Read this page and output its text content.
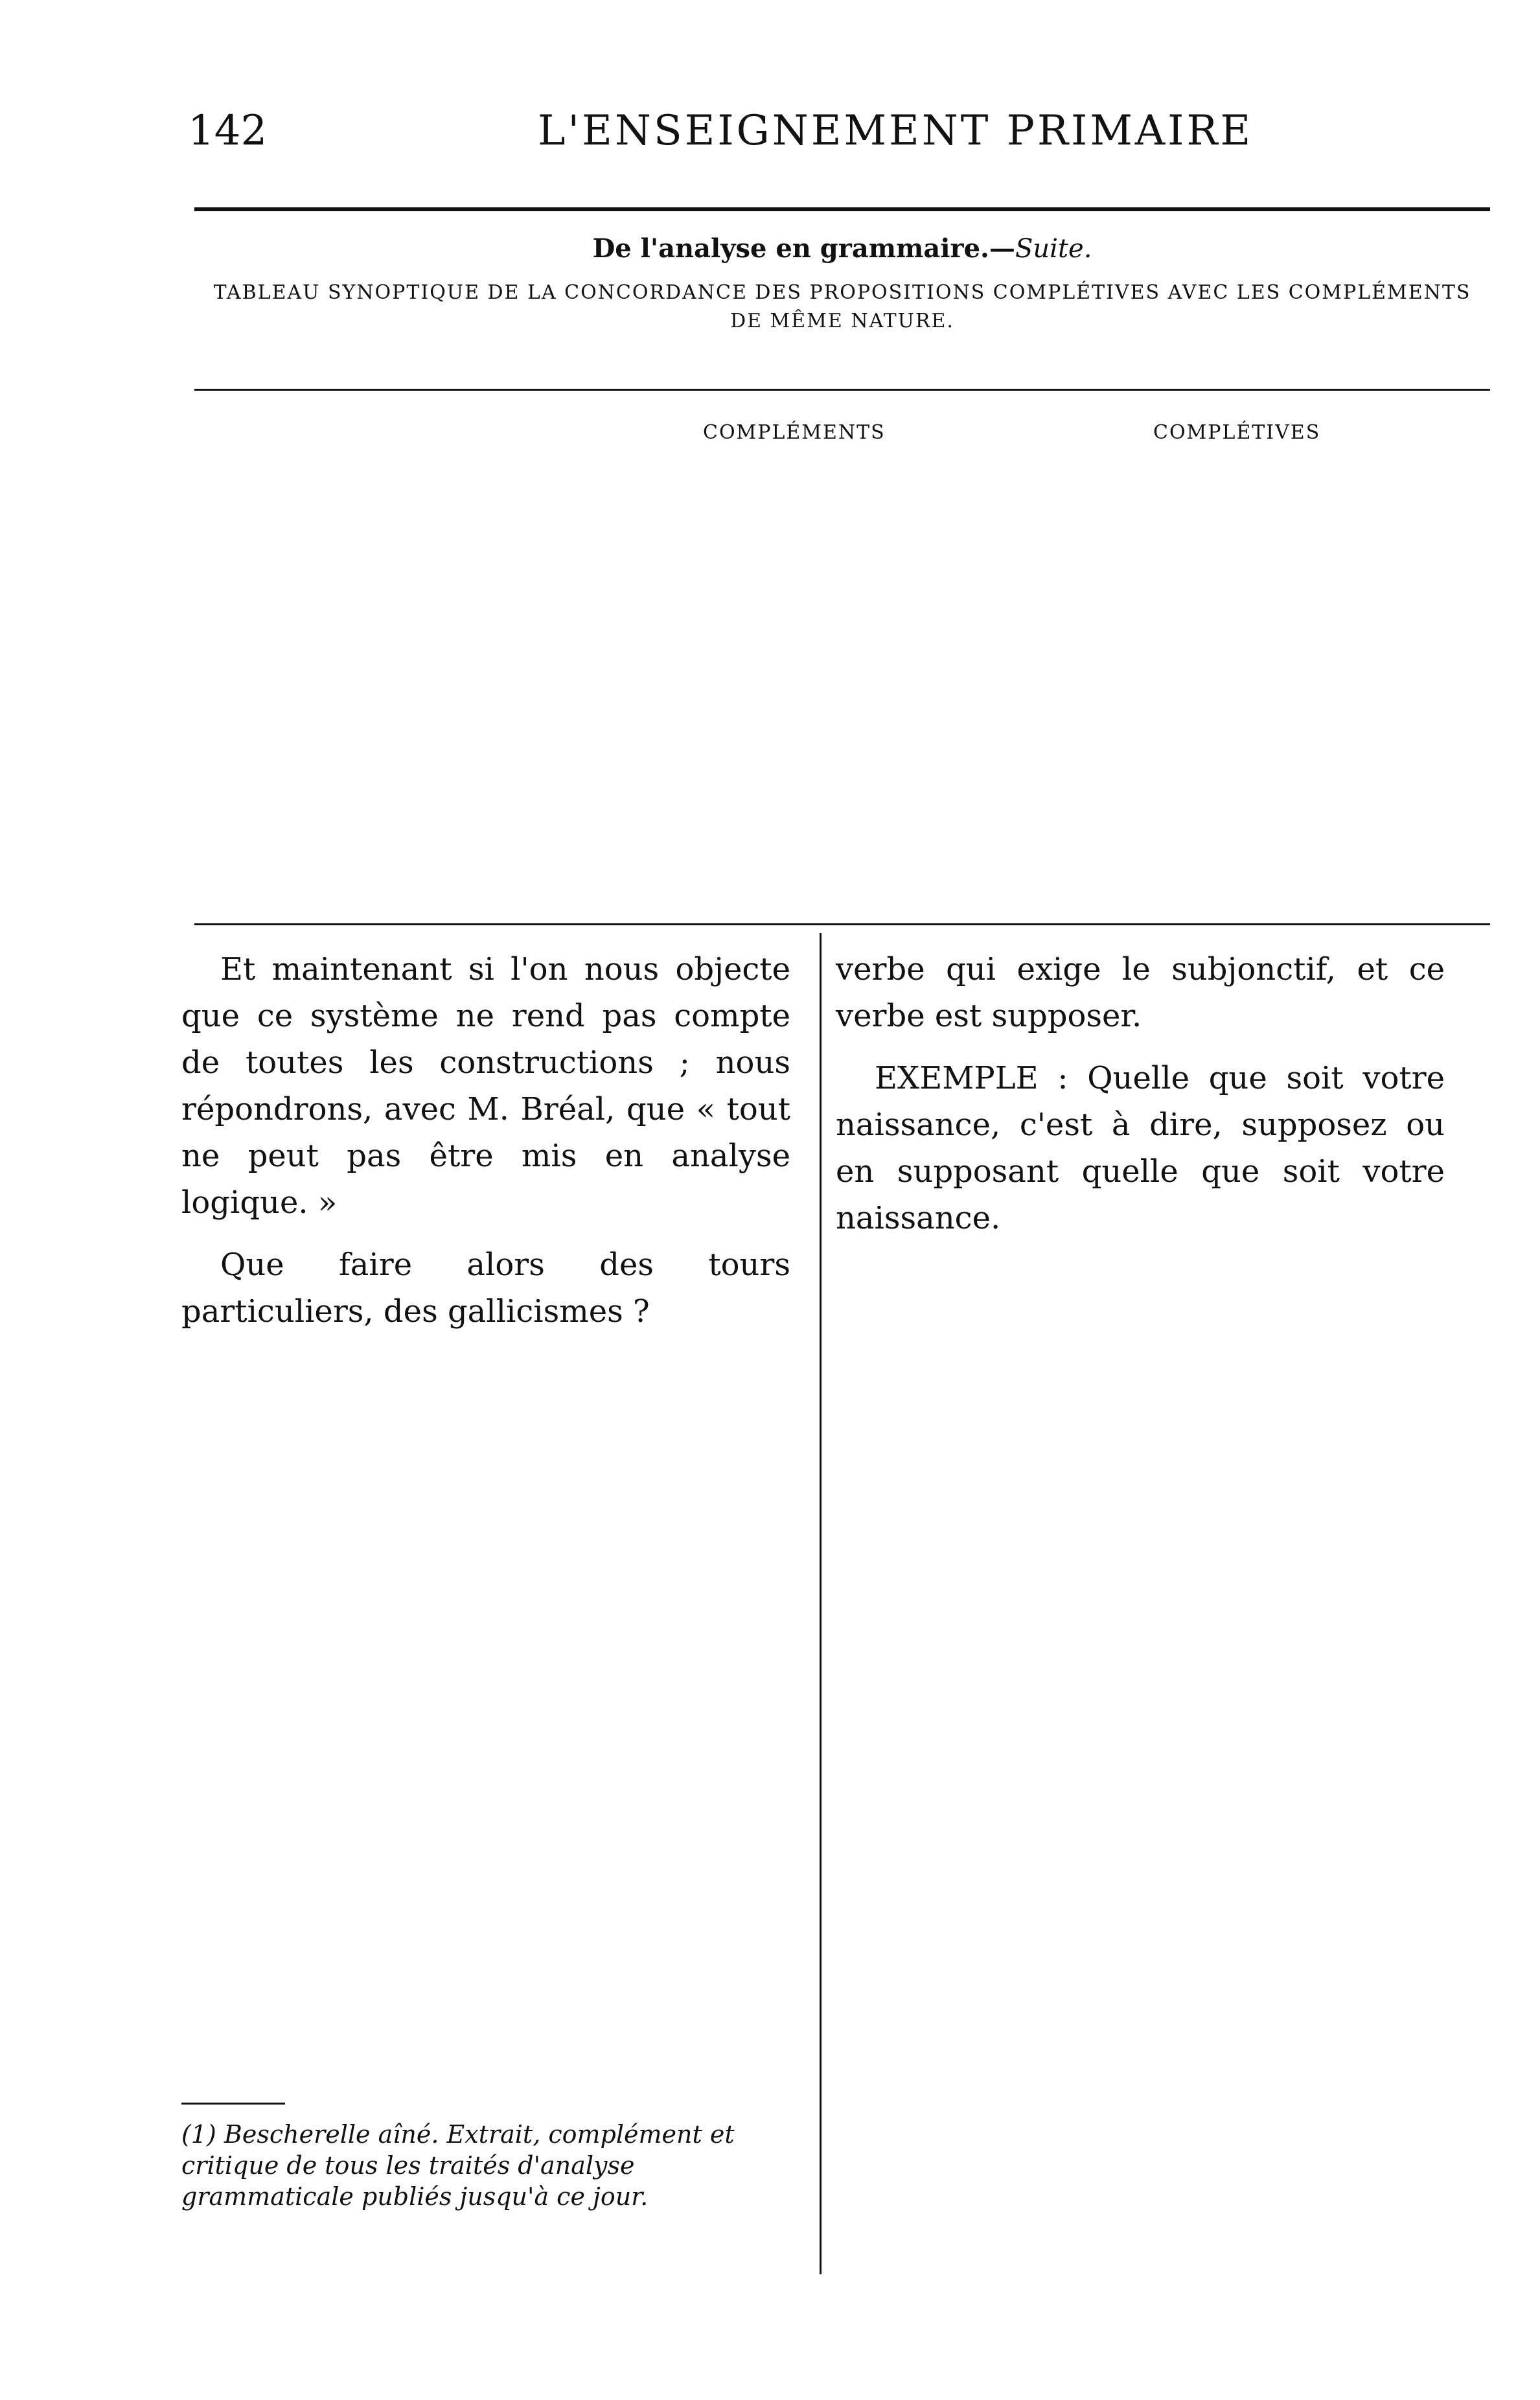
142	L'ENSEIGNEMENT PRIMAIRE
De l'analyse en grammaire.—Suite.
TABLEAU SYNOPTIQUE DE LA CONCORDANCE DES PROPOSITIONS COMPLÉTIVES AVEC LES COMPLÉMENTS DE MÊME NATURE.
COMPLÉMENTS	COMPLÉTIVES

Et maintenant si l'on nous objecte que ce système ne rend pas compte de toutes les constructions ; nous répondrons, avec M. Bréal, que « tout ne peut pas être mis en analyse logique. »

Que faire alors des tours particuliers, des gallicismes ?

verbe qui exige le subjonctif, et ce verbe est supposer.

EXEMPLE : Quelle que soit votre naissance, c'est à dire, supposez ou en supposant quelle que soit votre naissance.

(1) Bescherelle aîné. Extrait, complément et critique de tous les traités d'analyse grammaticale publiés jusqu'à ce jour.
